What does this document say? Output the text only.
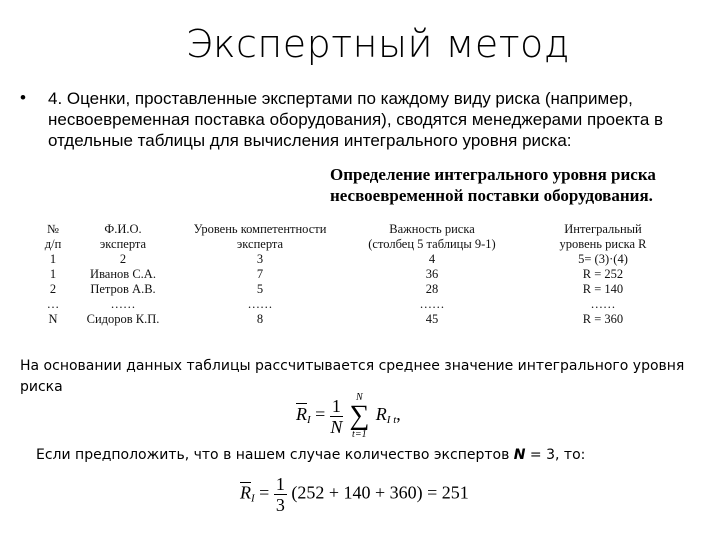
Экспертный метод
• 4. Оценки, проставленные экспертами по каждому виду риска (например, несвоевременная поставка оборудования), сводятся менеджерами проекта в отдельные таблицы для вычисления интегрального уровня риска:
Определение интегрального уровня риска
несвоевременной поставки оборудования.
№
д/п
1
1
2
…
N
Ф.И.О.
эксперта
2
Иванов С.А.
Петров А.В.
……
Сидоров К.П.
Уровень компетентности
эксперта
3
7
5
……
8
Важность риска
(столбец 5 таблицы 9-1)
4
36
28
……
45
Интегральный
уровень риска R
5= (3)·(4)
R = 252
R = 140
……
R = 360
На основании данных таблицы рассчитывается среднее значение интегрального уровня риска
$\overline{R}_I = \frac{1}{N}$
	N
∑
t=1
$R_{I t}$,
Если предположить, что в нашем случае количество экспертов N = 3, то:
$\overline{R}_I = \frac{1}{3} (252 + 140 + 360) = 251$
